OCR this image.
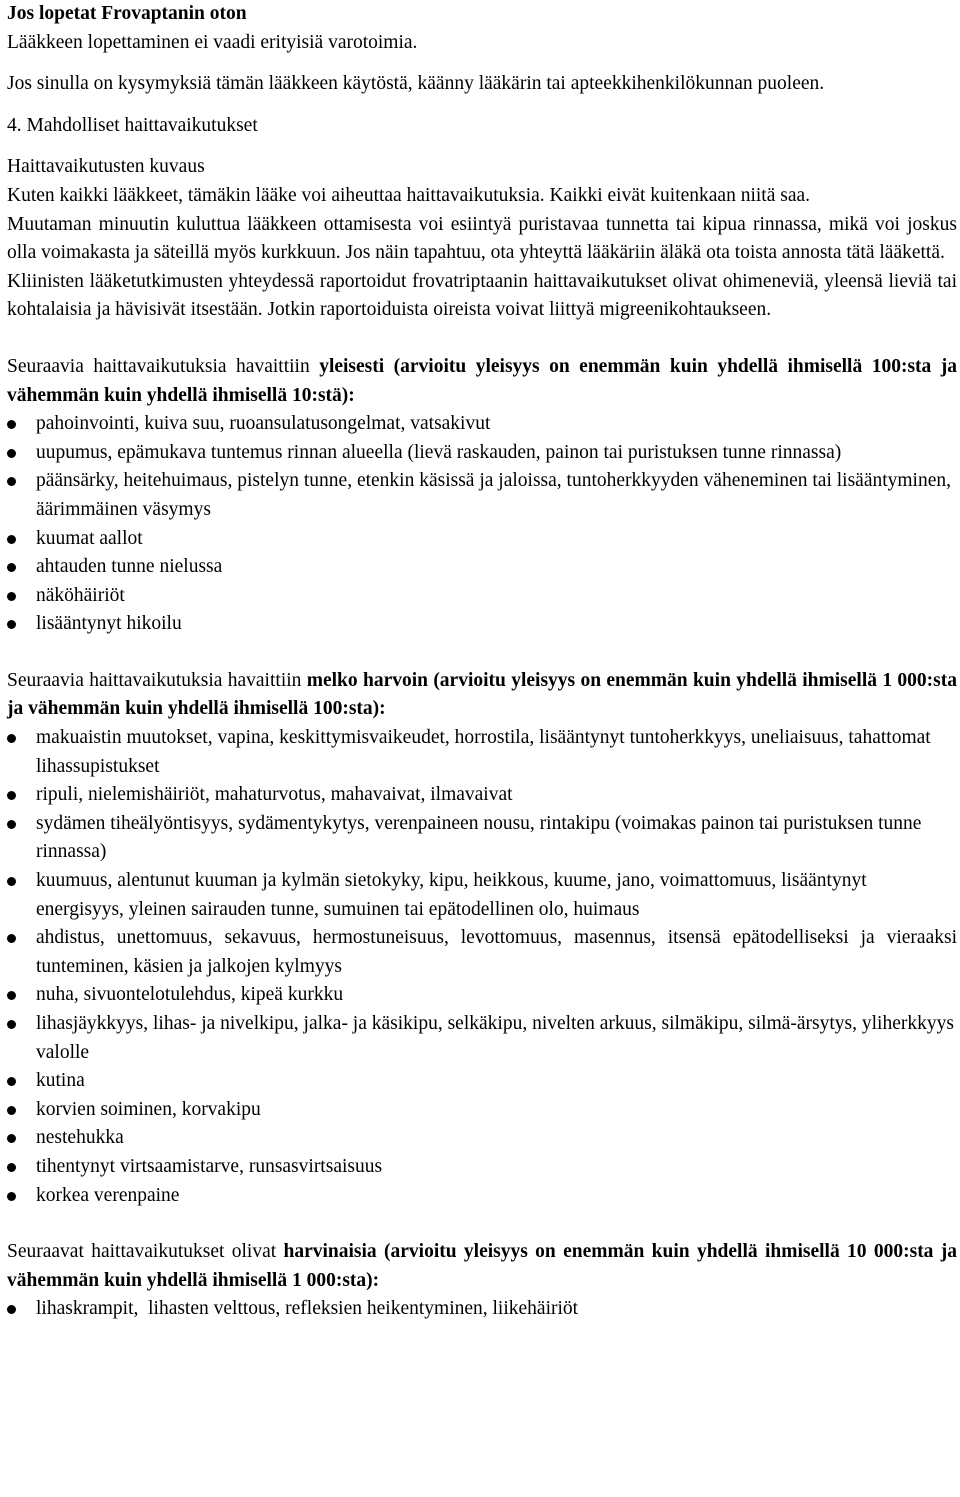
Jos lopetat Frovaptanin oton

Lääkkeen lopettaminen ei vaadi erityisiä varotoimia.

Jos sinulla on kysymyksiä tämän lääkkeen käytöstä, käänny lääkärin tai apteekkihenkilökunnan puoleen.

4. Mahdolliset haittavaikutukset

Haittavaikutusten kuvaus

Kuten kaikki lääkkeet, tämäkin lääke voi aiheuttaa haittavaikutuksia. Kaikki eivät kuitenkaan niitä saa.

Muutaman minuutin kuluttua lääkkeen ottamisesta voi esiintyä puristavaa tunnetta tai kipua rinnassa, mikä voi joskus olla voimakasta ja säteillä myös kurkkuun. Jos näin tapahtuu, ota yhteyttä lääkäriin äläkä ota toista annosta tätä lääkettä.

Kliinisten lääketutkimusten yhteydessä raportoidut frovatriptaanin haittavaikutukset olivat ohimeneviä, yleensä lieviä tai kohtalaisia ja hävisivät itsestään. Jotkin raportoiduista oireista voivat liittyä migreenikohtaukseen.

Seuraavia haittavaikutuksia havaittiin yleisesti (arvioitu yleisyys on enemmän kuin yhdellä ihmisellä 100:sta ja vähemmän kuin yhdellä ihmisellä 10:stä):

pahoinvointi, kuiva suu, ruoansulatusongelmat, vatsakivut
uupumus, epämukava tuntemus rinnan alueella (lievä raskauden, painon tai puristuksen tunne rinnassa)
päänsärky, heitehuimaus, pistelyn tunne, etenkin käsissä ja jaloissa, tuntoherkkyyden väheneminen tai lisääntyminen, äärimmäinen väsymys
kuumat aallot
ahtauden tunne nielussa
näköhäiriöt
lisääntynyt hikoilu

Seuraavia haittavaikutuksia havaittiin melko harvoin (arvioitu yleisyys on enemmän kuin yhdellä ihmisellä 1 000:sta ja vähemmän kuin yhdellä ihmisellä 100:sta):

makuaistin muutokset, vapina, keskittymisvaikeudet, horrostila, lisääntynyt tuntoherkkyys, uneliaisuus, tahattomat lihassupistukset
ripuli, nielemishäiriöt, mahaturvotus, mahavaivat, ilmavaivat
sydämen tiheälyöntisyys, sydämentykytys, verenpaineen nousu, rintakipu (voimakas painon tai puristuksen tunne rinnassa)
kuumuus, alentunut kuuman ja kylmän sietokyky, kipu, heikkous, kuume, jano, voimattomuus, lisääntynyt energisyys, yleinen sairauden tunne, sumuinen tai epätodellinen olo, huimaus
ahdistus, unettomuus, sekavuus, hermostuneisuus, levottomuus, masennus, itsensä epätodelliseksi ja vieraaksi tunteminen, käsien ja jalkojen kylmyys
nuha, sivuontelotulehdus, kipeä kurkku
lihasjäykkyys, lihas- ja nivelkipu, jalka- ja käsikipu, selkäkipu, nivelten arkuus, silmäkipu, silmä-ärsytys, yliherkkyys valolle
kutina
korvien soiminen, korvakipu
nestehukka
tihentynyt virtsaamistarve, runsasvirtsaisuus
korkea verenpaine

Seuraavat haittavaikutukset olivat harvinaisia (arvioitu yleisyys on enemmän kuin yhdellä ihmisellä 10 000:sta ja vähemmän kuin yhdellä ihmisellä 1 000:sta):

lihaskrampit,  lihasten velttous, refleksien heikentyminen, liikehäiriöt
